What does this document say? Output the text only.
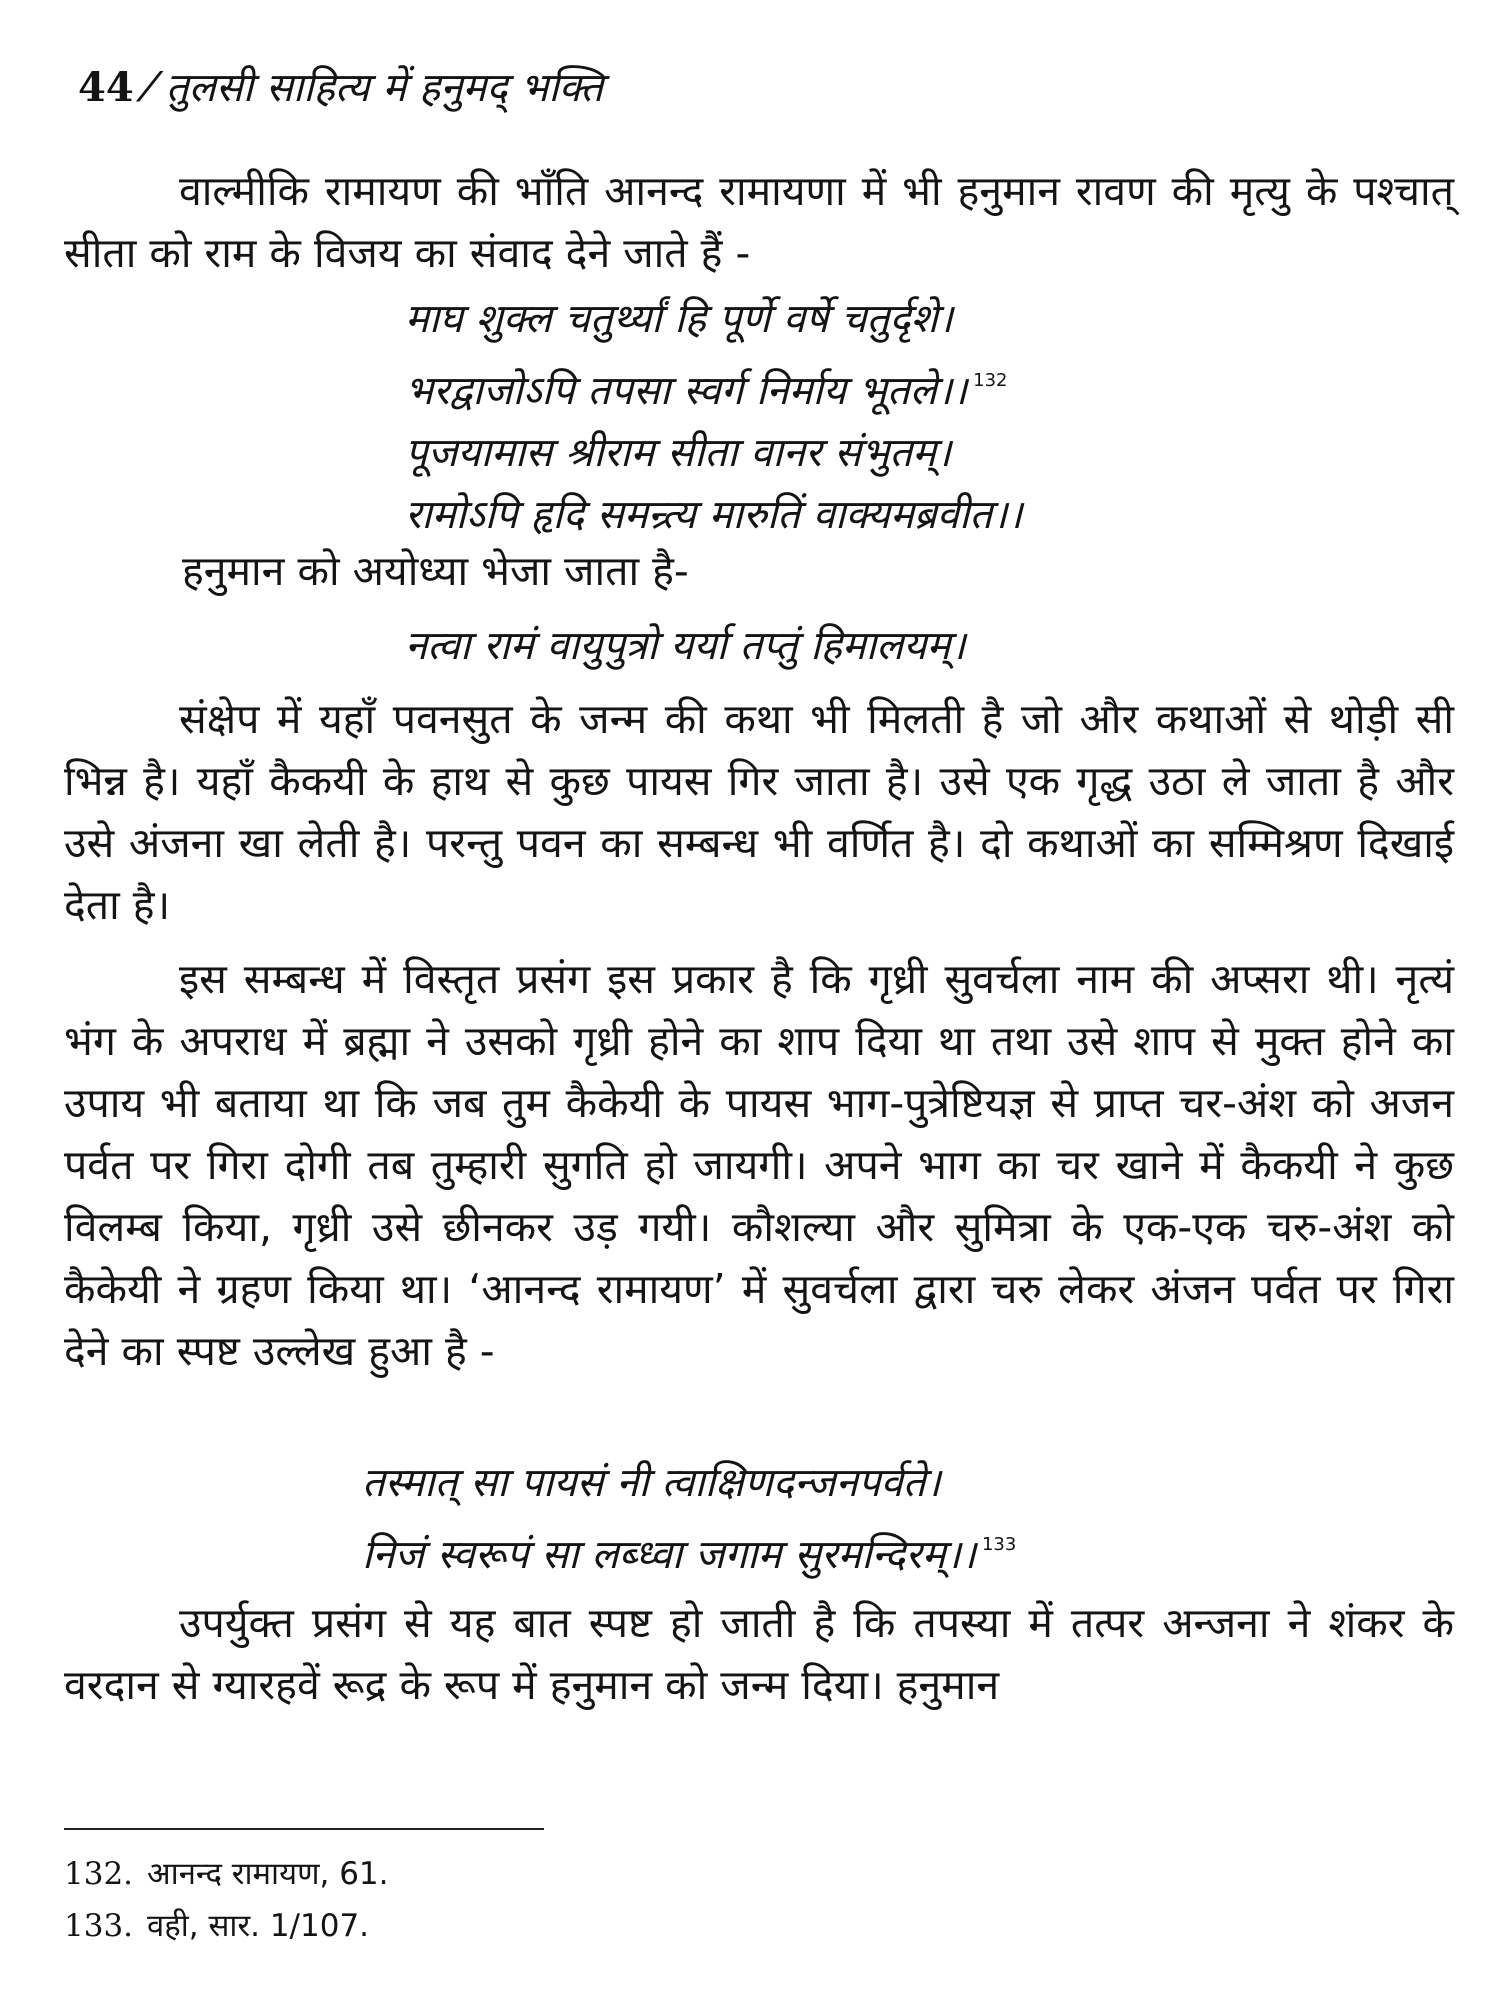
44 ⁄ तुलसी साहित्य में हनुमद् भक्ति

वाल्मीकि रामायण की भाँति आनन्द रामायणा में भी हनुमान रावण की मृत्यु के पश्चात् सीता को राम के विजय का संवाद देने जाते हैं -

माघ शुक्ल चतुर्थ्यां हि पूर्णे वर्षे चतुर्दृशे।
भरद्वाजोऽपि तपसा स्वर्ग निर्माय भूतले।। $^{132}$
पूजयामास श्रीराम सीता वानर संभुतम्।
रामोऽपि हृदि समन्र्त्य मारुतिं वाक्यमब्रवीत।।

हनुमान को अयोध्या भेजा जाता है-

नत्वा रामं वायुपुत्रो यर्या तप्तुं हिमालयम्।

संक्षेप में यहाँ पवनसुत के जन्म की कथा भी मिलती है जो और कथाओं से थोड़ी सी भिन्न है। यहाँ कैकयी के हाथ से कुछ पायस गिर जाता है। उसे एक गृद्ध उठा ले जाता है और उसे अंजना खा लेती है। परन्तु पवन का सम्बन्ध भी वर्णित है। दो कथाओं का सम्मिश्रण दिखाई देता है।

इस सम्बन्ध में विस्तृत प्रसंग इस प्रकार है कि गृध्री सुवर्चला नाम की अप्सरा थी। नृत्यं भंग के अपराध में ब्रह्मा ने उसको गृध्री होने का शाप दिया था तथा उसे शाप से मुक्त होने का उपाय भी बताया था कि जब तुम कैकेयी के पायस भाग-पुत्रेष्टियज्ञ से प्राप्त चर-अंश को अजन पर्वत पर गिरा दोगी तब तुम्हारी सुगति हो जायगी। अपने भाग का चर खाने में कैकयी ने कुछ विलम्ब किया, गृध्री उसे छीनकर उड़ गयी। कौशल्या और सुमित्रा के एक-एक चरु-अंश को कैकेयी ने ग्रहण किया था। ‘आनन्द रामायण’ में सुवर्चला द्वारा चरु लेकर अंजन पर्वत पर गिरा देने का स्पष्ट उल्लेख हुआ है -

तस्मात् सा पायसं नी त्वाक्षिणदन्जनपर्वते।
निजं स्वरूपं सा लब्ध्वा जगाम सुरमन्दिरम्।। $^{133}$

उपर्युक्त प्रसंग से यह बात स्पष्ट हो जाती है कि तपस्या में तत्पर अन्जना ने शंकर के वरदान से ग्यारहवें रूद्र के रूप में हनुमान को जन्म दिया। हनुमान

132. आनन्द रामायण, 61.
133. वही, सार. 1/107.
